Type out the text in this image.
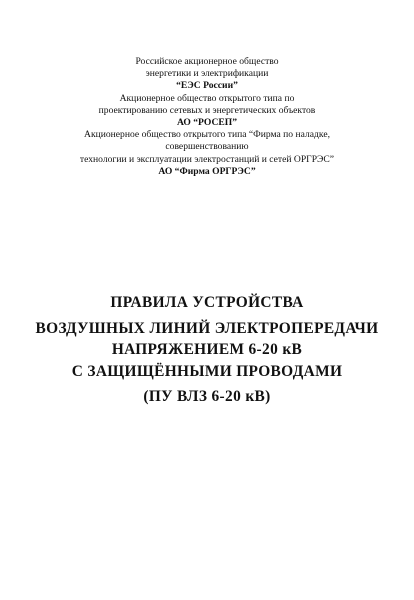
Российское акционерное общество
энергетики и электрификации
“ЕЭС России”
Акционерное общество открытого типа по
проектированию сетевых и энергетических объектов
АО “РОСЕП”
Акционерное общество открытого типа “Фирма по наладке,
совершенствованию
технологии и эксплуатации электростанций и сетей ОРГРЭС”
АО “Фирма ОРГРЭС”
ПРАВИЛА УСТРОЙСТВА
ВОЗДУШНЫХ ЛИНИЙ ЭЛЕКТРОПЕРЕДАЧИ
НАПРЯЖЕНИЕМ 6-20 кВ
С ЗАЩИЩЁННЫМИ ПРОВОДАМИ
(ПУ ВЛЗ 6-20 кВ)
